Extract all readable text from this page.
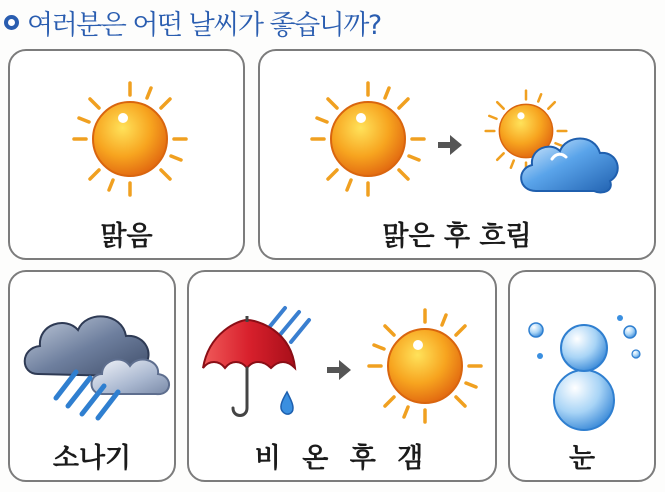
여러분은 어떤 날씨가 좋습니까?
맑음	맑은 후 흐림
소나기	비 온 후 갬	눈
